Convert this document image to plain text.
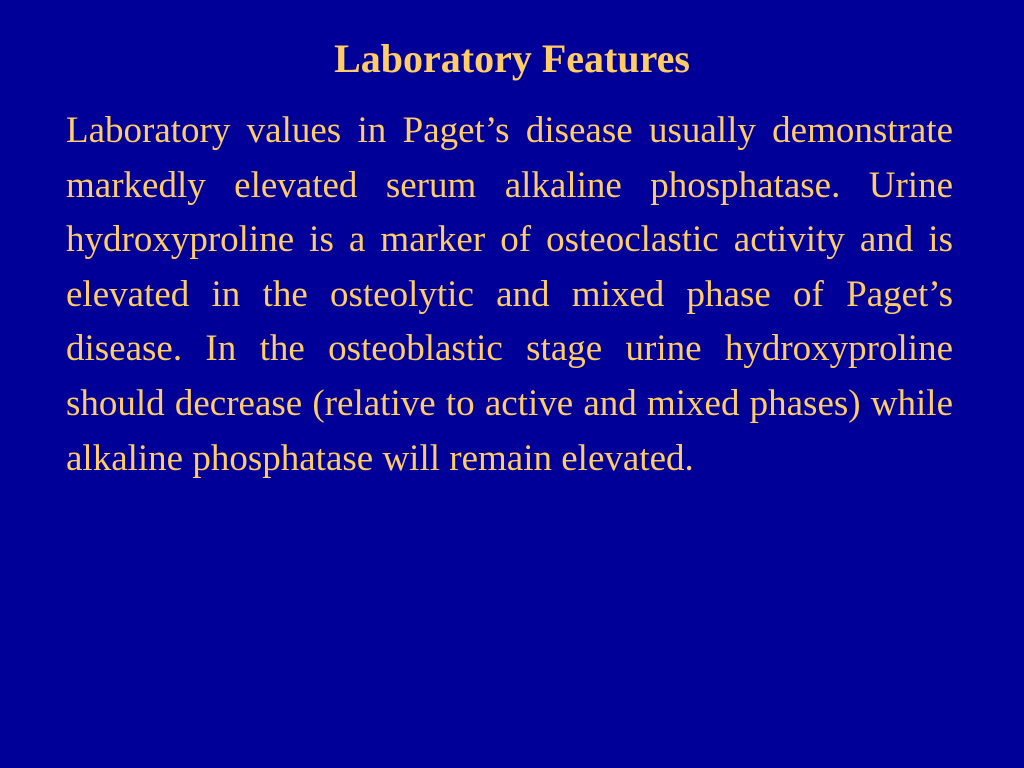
Laboratory Features

Laboratory values in Paget’s disease usually demonstrate markedly elevated serum alkaline phosphatase. Urine hydroxyproline is a marker of osteoclastic activity and is elevated in the osteolytic and mixed phase of Paget’s disease. In the osteoblastic stage urine hydroxyproline should decrease (relative to active and mixed phases) while alkaline phosphatase will remain elevated.
